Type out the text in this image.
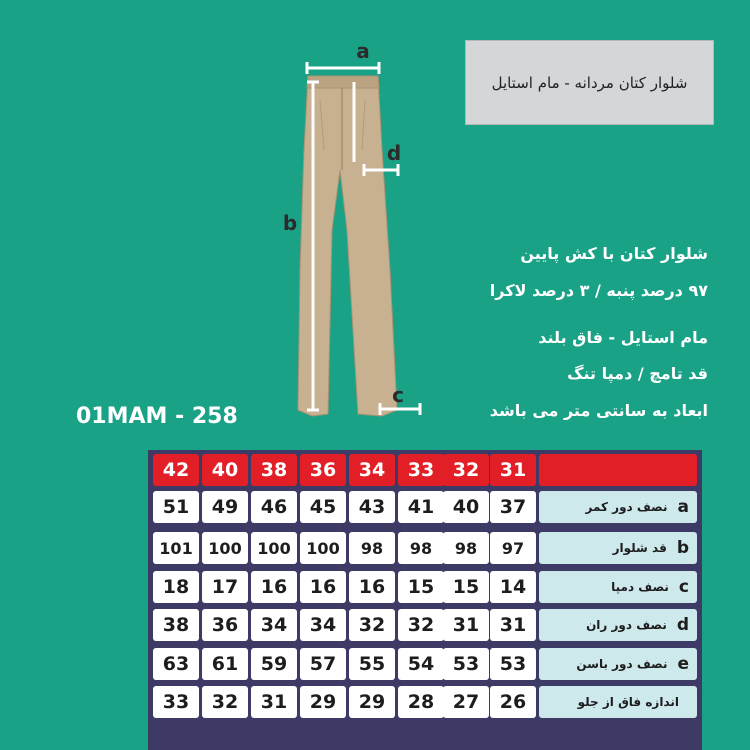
شلوار کتان مردانه - مام استایل
شلوار کتان با کش پایین
۹۷ درصد پنبه / ۳ درصد لاکرا
مام استایل - فاق بلند
قد تامچ / دمپا تنگ
ابعاد به سانتی متر می باشد
01MAM - 258
a
b
d
c
42	40	38	36	34	33 32	31
51	49	46	45	43	41 40	37	a
نصف دور کمر
101 100 100 100	98	98	98	97	b
قد شلوار
18	17	16	16	16	15 15	14	c
نصف دمپا
38	36	34	34	32	32 31	31	d
نصف دور ران
63	61	59	57	55	54 53	53	e
نصف دور باسن
33	32	31	29	29	28 27	26	اندازه فاق از جلو
